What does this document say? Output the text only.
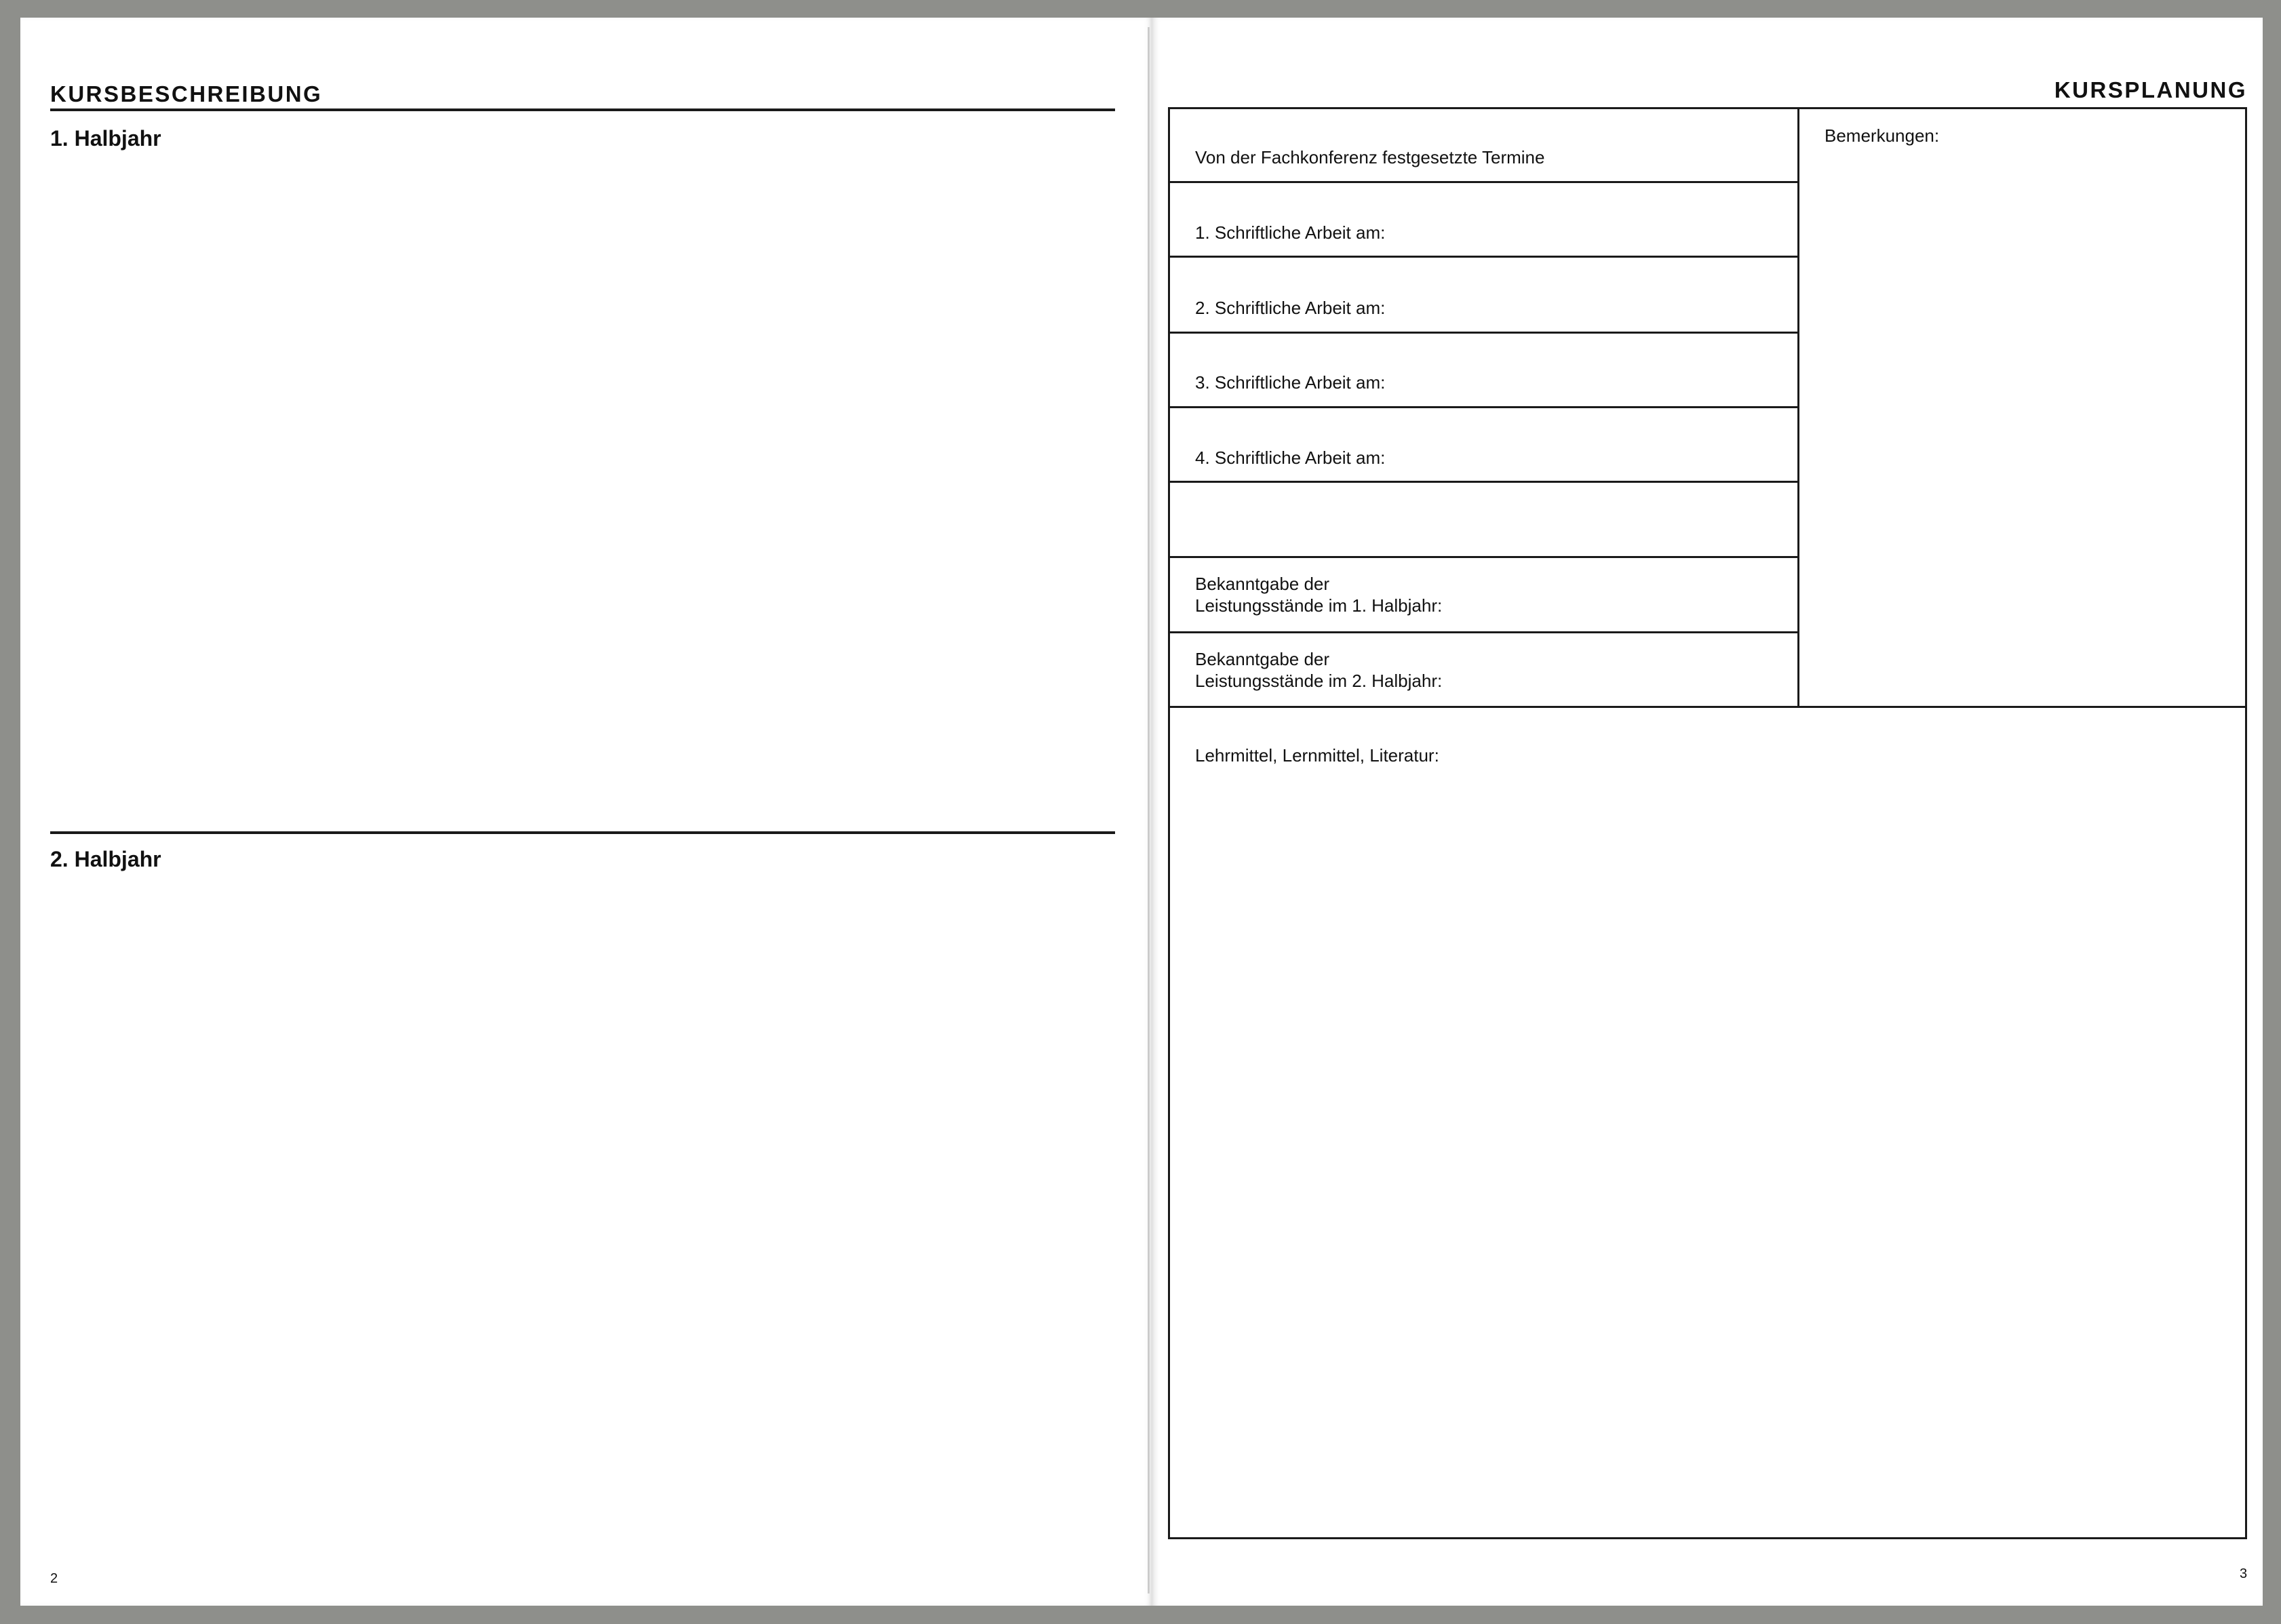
KURSBESCHREIBUNG
1. Halbjahr
2. Halbjahr
2
KURSPLANUNG
Von der Fachkonferenz festgesetzte Termine
1. Schriftliche Arbeit am:
2. Schriftliche Arbeit am:
3. Schriftliche Arbeit am:
4. Schriftliche Arbeit am:
Bekanntgabe der
Leistungsstände im 1. Halbjahr:
Bekanntgabe der
Leistungsstände im 2. Halbjahr:
Bemerkungen:
Lehrmittel, Lernmittel, Literatur:
3
